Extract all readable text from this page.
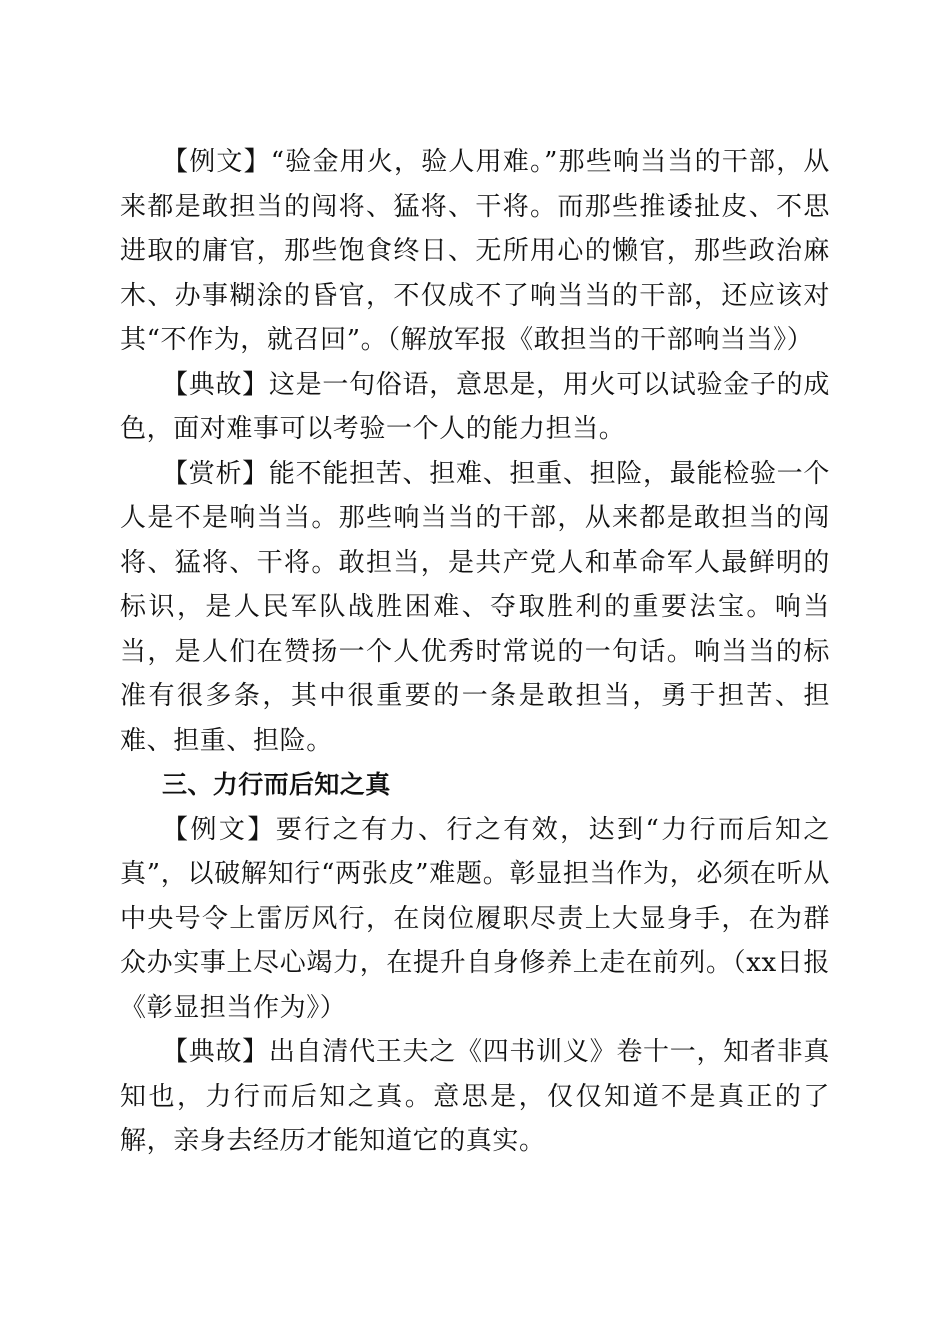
【例文】“验金用火，验人用难。”那些响当当的干部，从来都是敢担当的闯将、猛将、干将。而那些推诿扯皮、不思进取的庸官，那些饱食终日、无所用心的懒官，那些政治麻木、办事糊涂的昏官，不仅成不了响当当的干部，还应该对其“不作为，就召回”。（解放军报《敢担当的干部响当当》）

【典故】这是一句俗语，意思是，用火可以试验金子的成色，面对难事可以考验一个人的能力担当。

【赏析】能不能担苦、担难、担重、担险，最能检验一个人是不是响当当。那些响当当的干部，从来都是敢担当的闯将、猛将、干将。敢担当，是共产党人和革命军人最鲜明的标识，是人民军队战胜困难、夺取胜利的重要法宝。响当当，是人们在赞扬一个人优秀时常说的一句话。响当当的标准有很多条，其中很重要的一条是敢担当，勇于担苦、担难、担重、担险。

三、力行而后知之真

【例文】要行之有力、行之有效，达到“力行而后知之真”，以破解知行“两张皮”难题。彰显担当作为，必须在听从中央号令上雷厉风行，在岗位履职尽责上大显身手，在为群众办实事上尽心竭力，在提升自身修养上走在前列。（xx日报《彰显担当作为》）

【典故】出自清代王夫之《四书训义》卷十一，知者非真知也，力行而后知之真。意思是，仅仅知道不是真正的了解，亲身去经历才能知道它的真实。
